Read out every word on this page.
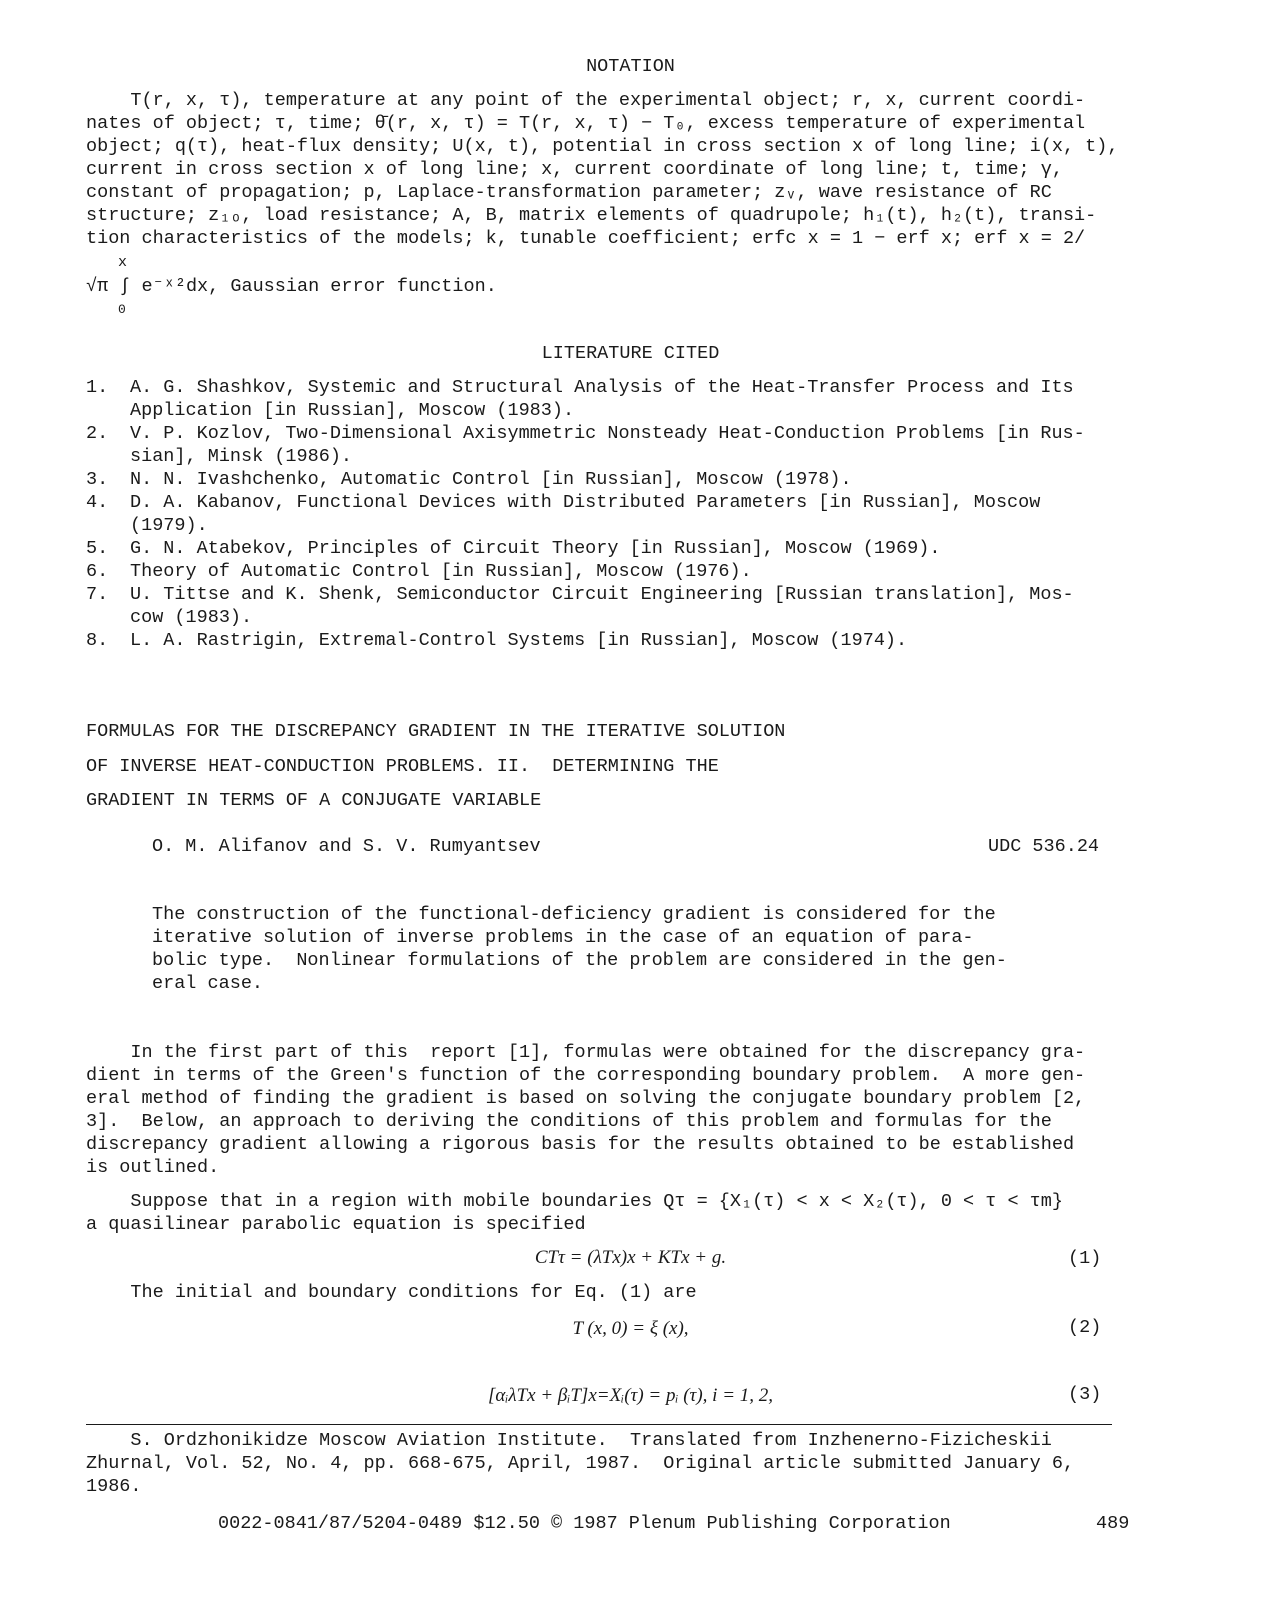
NOTATION
T(r, x, τ), temperature at any point of the experimental object; r, x, current coordi-
nates of object; τ, time; θ̄(r, x, τ) = T(r, x, τ) − T₀, excess temperature of experimental
object; q(τ), heat-flux density; U(x, t), potential in cross section x of long line; i(x, t),
current in cross section x of long line; x, current coordinate of long line; t, time; γ,
constant of propagation; p, Laplace-transformation parameter; zᵥ, wave resistance of RC
structure; z₁ₒ, load resistance; A, B, matrix elements of quadrupole; h₁(t), h₂(t), transi-
tion characteristics of the models; k, tunable coefficient; erfc x = 1 − erf x; erf x = 2/
x
√π ∫ e⁻ˣ²dx, Gaussian error function.
0
LITERATURE CITED
1. A. G. Shashkov, Systemic and Structural Analysis of the Heat-Transfer Process and Its
Application [in Russian], Moscow (1983).
2. V. P. Kozlov, Two-Dimensional Axisymmetric Nonsteady Heat-Conduction Problems [in Rus-
sian], Minsk (1986).
3. N. N. Ivashchenko, Automatic Control [in Russian], Moscow (1978).
4. D. A. Kabanov, Functional Devices with Distributed Parameters [in Russian], Moscow
(1979).
5. G. N. Atabekov, Principles of Circuit Theory [in Russian], Moscow (1969).
6. Theory of Automatic Control [in Russian], Moscow (1976).
7. U. Tittse and K. Shenk, Semiconductor Circuit Engineering [Russian translation], Mos-
cow (1983).
8. L. A. Rastrigin, Extremal-Control Systems [in Russian], Moscow (1974).
FORMULAS FOR THE DISCREPANCY GRADIENT IN THE ITERATIVE SOLUTION
OF INVERSE HEAT-CONDUCTION PROBLEMS. II.  DETERMINING THE
GRADIENT IN TERMS OF A CONJUGATE VARIABLE
O. M. Alifanov and S. V. Rumyantsev	UDC 536.24
The construction of the functional-deficiency gradient is considered for the
iterative solution of inverse problems in the case of an equation of para-
bolic type.  Nonlinear formulations of the problem are considered in the gen-
eral case.
In the first part of this  report [1], formulas were obtained for the discrepancy gra-
dient in terms of the Green's function of the corresponding boundary problem.  A more gen-
eral method of finding the gradient is based on solving the conjugate boundary problem [2,
3].  Below, an approach to deriving the conditions of this problem and formulas for the
discrepancy gradient allowing a rigorous basis for the results obtained to be established
is outlined.
Suppose that in a region with mobile boundaries Qτ = {X₁(τ) < x < X₂(τ), 0 < τ < τm}
a quasilinear parabolic equation is specified
CTτ = (λTx)x + KTx + g.	(1)
The initial and boundary conditions for Eq. (1) are
T (x, 0) = ξ (x),	(2)
[αᵢλTx + βᵢT]x=Xᵢ(τ) = pᵢ (τ), i = 1, 2,	(3)
S. Ordzhonikidze Moscow Aviation Institute.  Translated from Inzhenerno-Fizicheskii
Zhurnal, Vol. 52, No. 4, pp. 668-675, April, 1987.  Original article submitted January 6,
1986.
0022-0841/87/5204-0489 $12.50 © 1987 Plenum Publishing Corporation	489
